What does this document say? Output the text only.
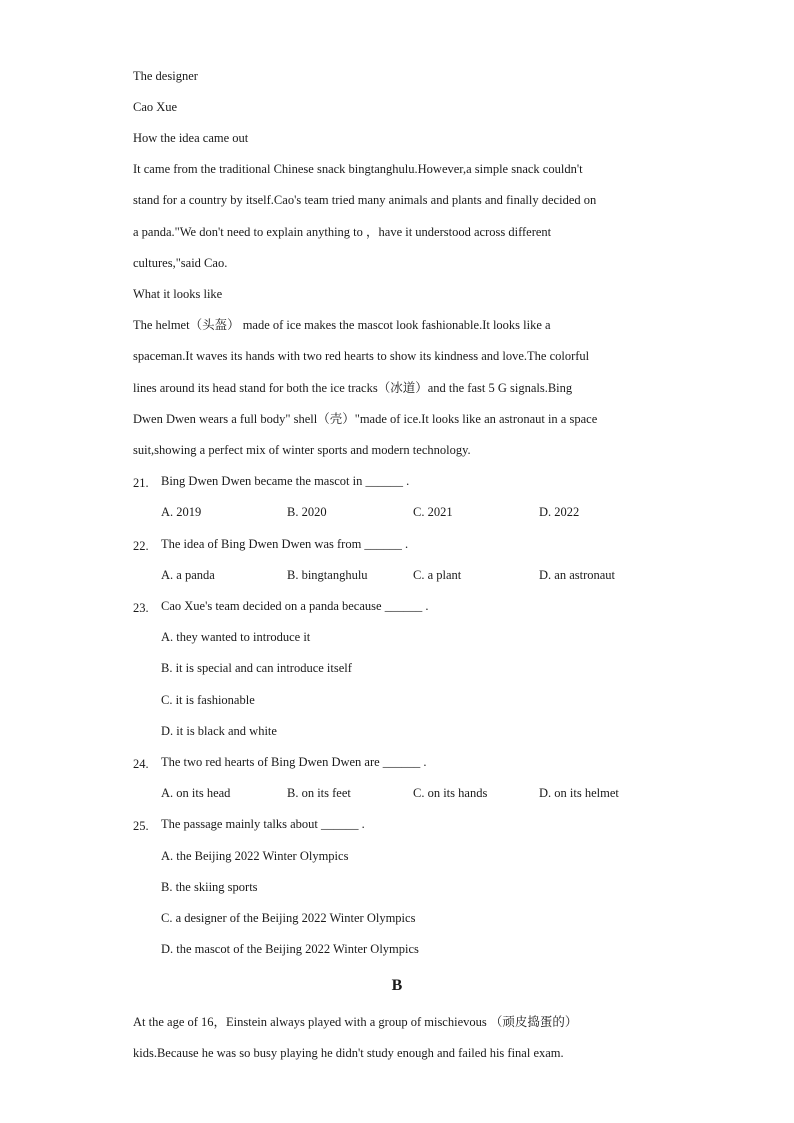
The designer
Cao Xue
How the idea came out
It came from the traditional Chinese snack bingtanghulu.However,a simple snack couldn't
stand for a country by itself.Cao's team tried many animals and plants and finally decided on
a panda."We don't need to explain anything to ，have it understood across different
cultures,"said Cao.
What it looks like
The helmet（头盔） made of ice makes the mascot look fashionable.It looks like a
spaceman.It waves its hands with two red hearts to show its kindness and love.The colorful
lines around its head stand for both the ice tracks（冰道）and the fast 5 G signals.Bing
Dwen Dwen wears a full body" shell（壳）"made of ice.It looks like an astronaut in a space
suit,showing a perfect mix of winter sports and modern technology.
21. Bing Dwen Dwen became the mascot in ______ .
A. 2019	B. 2020	C. 2021	D. 2022
22. The idea of Bing Dwen Dwen was from ______ .
A. a panda	B. bingtanghulu	C. a plant	D. an astronaut
23. Cao Xue's team decided on a panda because ______ .
A. they wanted to introduce it
B. it is special and can introduce itself
C. it is fashionable
D. it is black and white
24. The two red hearts of Bing Dwen Dwen are ______ .
A. on its head	B. on its feet	C. on its hands	D. on its helmet
25. The passage mainly talks about ______ .
A. the Beijing 2022 Winter Olympics
B. the skiing sports
C. a designer of the Beijing 2022 Winter Olympics
D. the mascot of the Beijing 2022 Winter Olympics
B
At the age of 16，Einstein always played with a group of mischievous （顽皮捣蛋的）
kids.Because he was so busy playing he didn't study enough and failed his final exam.
